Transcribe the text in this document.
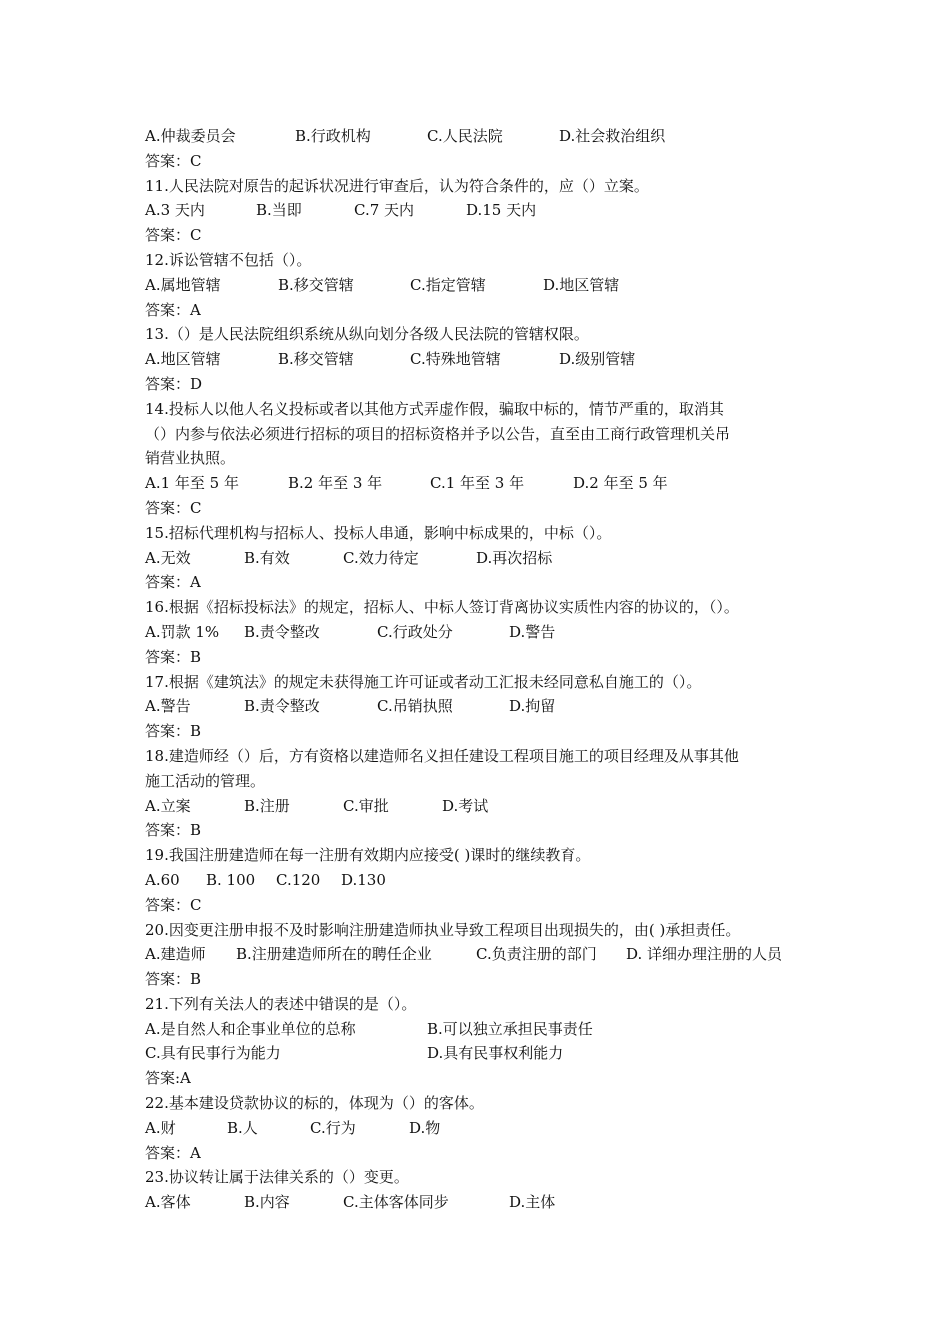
A.仲裁委员会	B.行政机构	C.人民法院	D.社会救治组织
答案：C
11.人民法院对原告的起诉状况进行审查后，认为符合条件的，应（）立案。
A.3 天内	B.当即	C.7 天内	D.15 天内
答案：C
12.诉讼管辖不包括（）。
A.属地管辖	B.移交管辖	C.指定管辖	D.地区管辖
答案：A
13.（）是人民法院组织系统从纵向划分各级人民法院的管辖权限。
A.地区管辖	B.移交管辖	C.特殊地管辖	D.级别管辖
答案：D
14.投标人以他人名义投标或者以其他方式弄虚作假，骗取中标的，情节严重的，取消其
（）内参与依法必须进行招标的项目的招标资格并予以公告，直至由工商行政管理机关吊
销营业执照。
A.1 年至 5 年	B.2 年至 3 年	C.1 年至 3 年	D.2 年至 5 年
答案：C
15.招标代理机构与招标人、投标人串通，影响中标成果的，中标（）。
A.无效	B.有效	C.效力待定	D.再次招标
答案：A
16.根据《招标投标法》的规定，招标人、中标人签订背离协议实质性内容的协议的，（）。
A.罚款 1% B.责令整改	C.行政处分	D.警告
答案：B
17.根据《建筑法》的规定未获得施工许可证或者动工汇报未经同意私自施工的（）。
A.警告	B.责令整改	C.吊销执照	D.拘留
答案：B
18.建造师经（）后，方有资格以建造师名义担任建设工程项目施工的项目经理及从事其他
施工活动的管理。
A.立案	B.注册	C.审批	D.考试
答案：B
19.我国注册建造师在每一注册有效期内应接受( )课时的继续教育。
A.60 B. 100 C.120 D.130
答案：C
20.因变更注册申报不及时影响注册建造师执业导致工程项目出现损失的，由( )承担责任。
A.建造师 B.注册建造师所在的聘任企业	C.负责注册的部门 D. 详细办理注册的人员
答案：B
21.下列有关法人的表述中错误的是（）。
A.是自然人和企事业单位的总称	B.可以独立承担民事责任
C.具有民事行为能力	D.具有民事权利能力
答案:A
22.基本建设贷款协议的标的，体现为（）的客体。
A.财	B.人	C.行为	D.物
答案：A
23.协议转让属于法律关系的（）变更。
A.客体	B.内容	C.主体客体同步	D.主体
